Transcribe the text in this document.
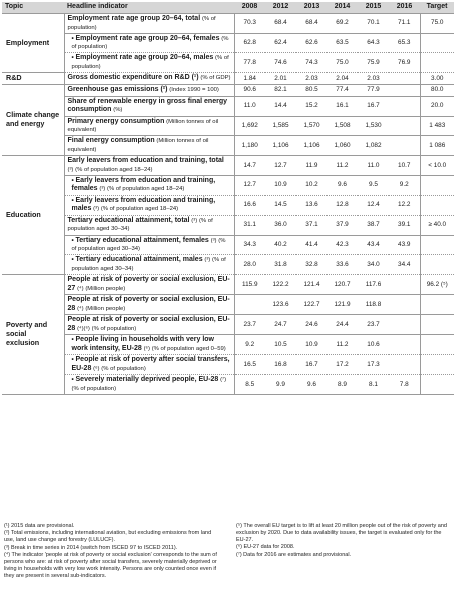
Topic	Headline indicator	2008	2012	2013	2014	2015	2016	Target
Employment	Employment rate age group 20–64, total (% of population)	70.3	68.4	68.4	69.2	70.1	71.1	75.0
	• Employment rate age group 20–64, females (% of population)	62.8	62.4	62.6	63.5	64.3	65.3	
	• Employment rate age group 20–64, males (% of population)	77.8	74.6	74.3	75.0	75.9	76.9	
R&D	Gross domestic expenditure on R&D (¹) (% of GDP)	1.84	2.01	2.03	2.04	2.03		3.00
Climate change and energy	Greenhouse gas emissions (²) (Index 1990 = 100)	90.6	82.1	80.5	77.4	77.9		80.0
	Share of renewable energy in gross final energy consumption (%)	11.0	14.4	15.2	16.1	16.7		20.0
	Primary energy consumption (Million tonnes of oil equivalent)	1,692	1,585	1,570	1,508	1,530		1 483
	Final energy consumption (Million tonnes of oil equivalent)	1,180	1,106	1,106	1,060	1,082		1 086
Education	Early leavers from education and training, total (³) (% of population aged 18–24)	14.7	12.7	11.9	11.2	11.0	10.7	< 10.0
	• Early leavers from education and training, females (³) (% of population aged 18–24)	12.7	10.9	10.2	9.6	9.5	9.2	
	• Early leavers from education and training, males (³) (% of population aged 18–24)	16.6	14.5	13.6	12.8	12.4	12.2	
	Tertiary educational attainment, total (³) (% of population aged 30–34)	31.1	36.0	37.1	37.9	38.7	39.1	≥ 40.0
	• Tertiary educational attainment, females (³) (% of population aged 30–34)	34.3	40.2	41.4	42.3	43.4	43.9	
	• Tertiary educational attainment, males (³) (% of population aged 30–34)	28.0	31.8	32.8	33.6	34.0	34.4	
Poverty and social exclusion	People at risk of poverty or social exclusion, EU-27 (⁴) (Million people)	115.9	122.2	121.4	120.7	117.6		96.2 (⁵)
	People at risk of poverty or social exclusion, EU-28 (⁴) (Million people)		123.6	122.7	121.9	118.8		
	People at risk of poverty or social exclusion, EU-28 (⁴)(⁶) (% of population)	23.7	24.7	24.6	24.4	23.7		
	• People living in households with very low work intensity, EU-28 (⁶) (% of population aged 0–59)	9.2	10.5	10.9	11.2	10.6		
	• People at risk of poverty after social transfers, EU-28 (⁶) (% of population)	16.5	16.8	16.7	17.2	17.3		
	• Severely materially deprived people, EU-28 (⁷) (% of population)	8.5	9.9	9.6	8.9	8.1	7.8	

(¹) 2015 data are provisional.

(²) Total emissions, including international aviation, but excluding emissions from land use, land use change and forestry (LULUCF).

(³) Break in time series in 2014 (switch from ISCED 97 to ISCED 2011).

(⁴) The indicator 'people at risk of poverty or social exclusion' corresponds to the sum of persons who are: at risk of poverty after social transfers, severely materially deprived or living in households with very low work intensity. Persons are only counted once even if they are present in several sub-indicators.

(⁵) The overall EU target is to lift at least 20 million people out of the risk of poverty and exclusion by 2020. Due to data availability issues, the target is evaluated only for the EU-27.

(⁶) EU-27 data for 2008.

(⁷) Data for 2016 are estimates and provisional.
